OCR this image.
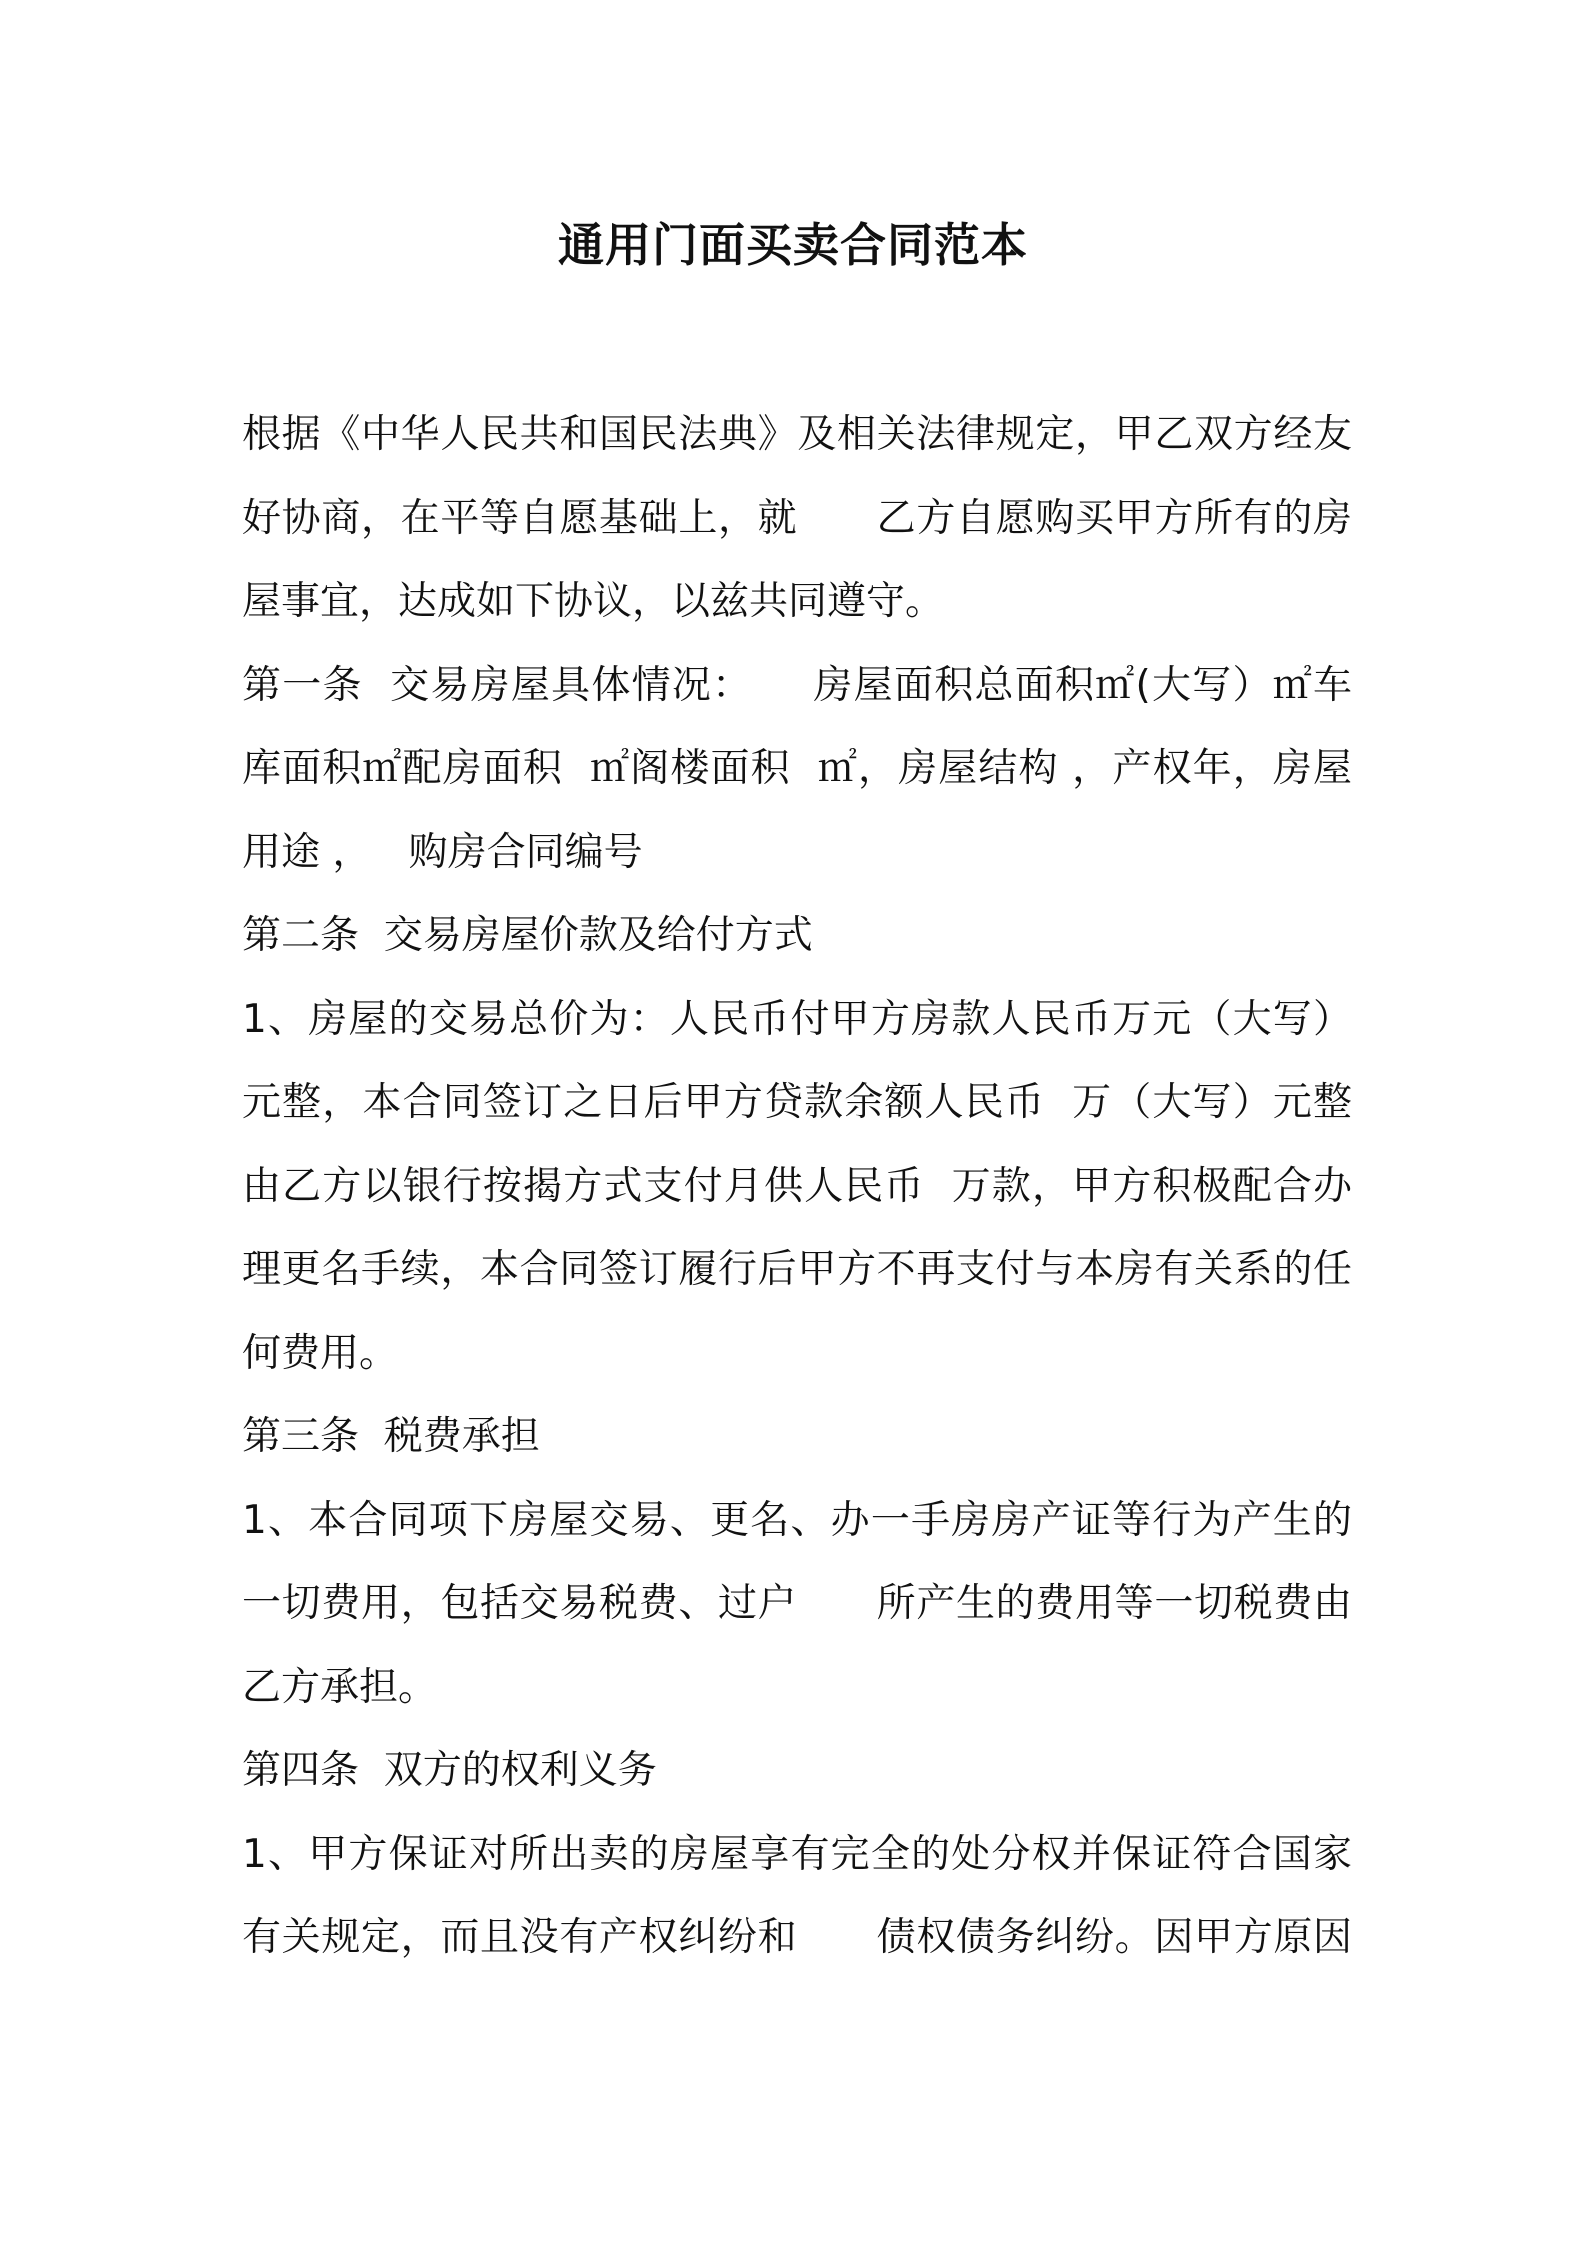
通用门面买卖合同范本
根据《中华人民共和国民法典》及相关法律规定，甲乙双方经友
好协商，在平等自愿基础上，就　　乙方自愿购买甲方所有的房
屋事宜，达成如下协议，以兹共同遵守。
第一条  交易房屋具体情况：　　房屋面积总面积㎡(大写）㎡车
库面积㎡配房面积  ㎡阁楼面积  ㎡，房屋结构 ，产权年，房屋
用途 ，   购房合同编号
第二条  交易房屋价款及给付方式
1、房屋的交易总价为：人民币付甲方房款人民币万元（大写）
元整，本合同签订之日后甲方贷款余额人民币  万（大写）元整
由乙方以银行按揭方式支付月供人民币  万款，甲方积极配合办
理更名手续，本合同签订履行后甲方不再支付与本房有关系的任
何费用。
第三条  税费承担
1、本合同项下房屋交易、更名、办一手房房产证等行为产生的
一切费用，包括交易税费、过户　　所产生的费用等一切税费由
乙方承担。
第四条  双方的权利义务
1、甲方保证对所出卖的房屋享有完全的处分权并保证符合国家
有关规定，而且没有产权纠纷和　　债权债务纠纷。因甲方原因
